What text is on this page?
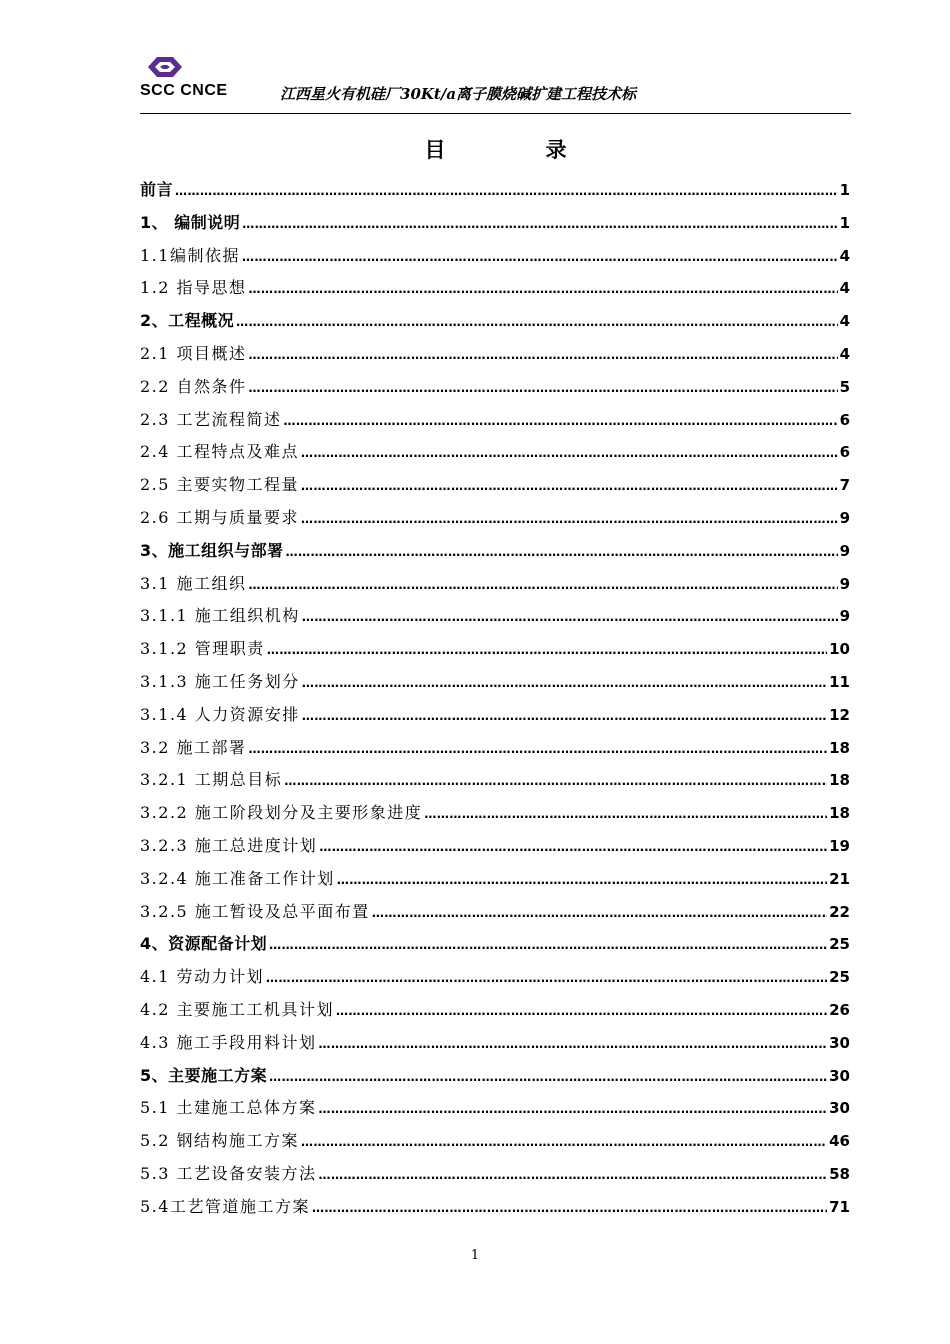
SCC CNCE	江西星火有机硅厂30Kt/a离子膜烧碱扩建工程技术标
目录
前言 ……………………………………………………………………………………………………………………………………………………	1
1、 编制说明 ……………………………………………………………………………………………………………………………………………………	1
1.1编制依据 ……………………………………………………………………………………………………………………………………………………	4
1.2 指导思想 ……………………………………………………………………………………………………………………………………………………	4
2、工程概况 ……………………………………………………………………………………………………………………………………………………	4
2.1 项目概述 ……………………………………………………………………………………………………………………………………………………	4
2.2 自然条件 ……………………………………………………………………………………………………………………………………………………	5
2.3 工艺流程简述 ……………………………………………………………………………………………………………………………………………………	6
2.4 工程特点及难点 ……………………………………………………………………………………………………………………………………………………	6
2.5 主要实物工程量 ……………………………………………………………………………………………………………………………………………………	7
2.6 工期与质量要求 ……………………………………………………………………………………………………………………………………………………	9
3、施工组织与部署 ……………………………………………………………………………………………………………………………………………………	9
3.1 施工组织 ……………………………………………………………………………………………………………………………………………………	9
3.1.1 施工组织机构 ……………………………………………………………………………………………………………………………………………………	9
3.1.2 管理职责 ……………………………………………………………………………………………………………………………………………………	10
3.1.3 施工任务划分 ……………………………………………………………………………………………………………………………………………………	11
3.1.4 人力资源安排 ……………………………………………………………………………………………………………………………………………………	12
3.2 施工部署 ……………………………………………………………………………………………………………………………………………………	18
3.2.1 工期总目标 ……………………………………………………………………………………………………………………………………………………	18
3.2.2 施工阶段划分及主要形象进度 ……………………………………………………………………………………………………………………………………………………	18
3.2.3 施工总进度计划 ……………………………………………………………………………………………………………………………………………………	19
3.2.4 施工准备工作计划 ……………………………………………………………………………………………………………………………………………………	21
3.2.5 施工暂设及总平面布置 ……………………………………………………………………………………………………………………………………………………	22
4、资源配备计划 ……………………………………………………………………………………………………………………………………………………	25
4.1 劳动力计划 ……………………………………………………………………………………………………………………………………………………	25
4.2 主要施工工机具计划 ……………………………………………………………………………………………………………………………………………………	26
4.3 施工手段用料计划 ……………………………………………………………………………………………………………………………………………………	30
5、主要施工方案 ……………………………………………………………………………………………………………………………………………………	30
5.1 土建施工总体方案 ……………………………………………………………………………………………………………………………………………………	30
5.2 钢结构施工方案 ……………………………………………………………………………………………………………………………………………………	46
5.3 工艺设备安装方法 ……………………………………………………………………………………………………………………………………………………	58
5.4工艺管道施工方案 ……………………………………………………………………………………………………………………………………………………	71
1
